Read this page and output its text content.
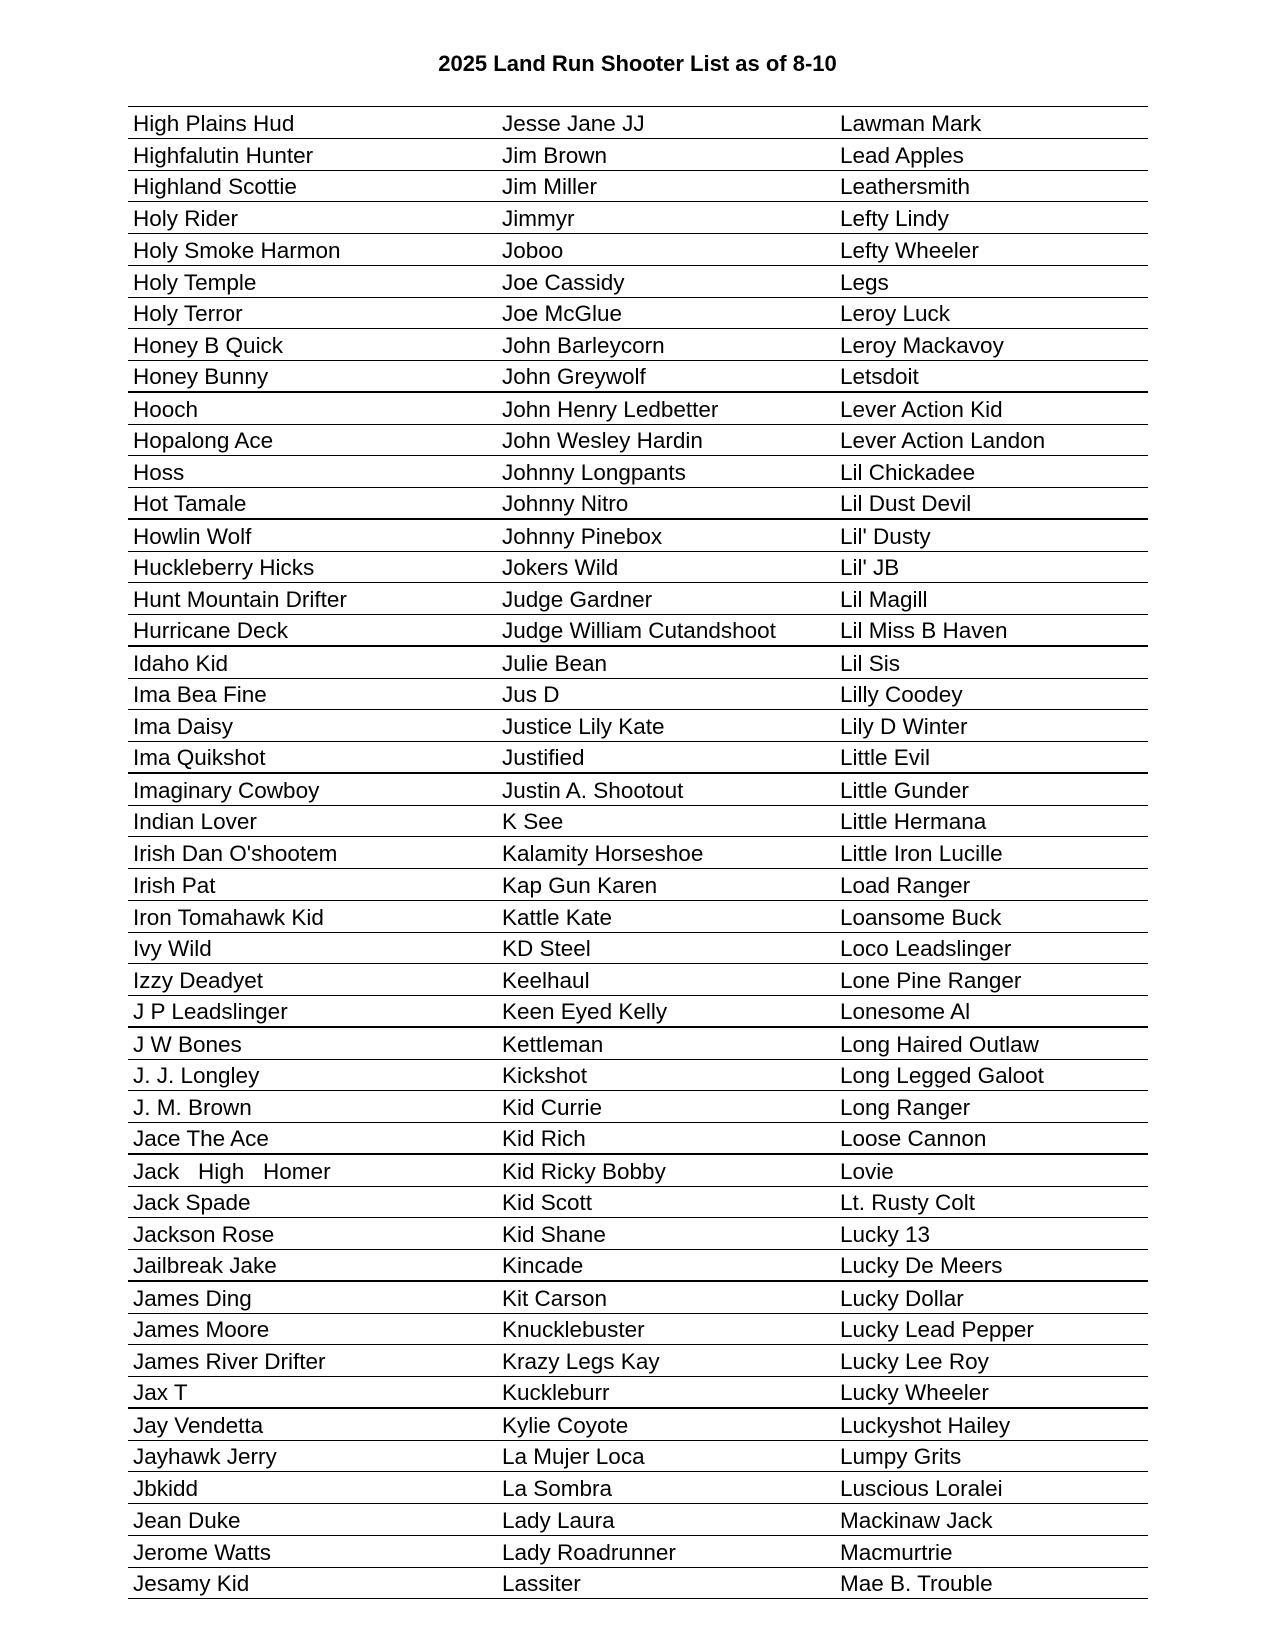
2025 Land Run Shooter List as of 8-10
High Plains Hud	Jesse Jane JJ	Lawman Mark
Highfalutin Hunter	Jim Brown	Lead Apples
Highland Scottie	Jim Miller	Leathersmith
Holy Rider	Jimmyr	Lefty Lindy
Holy Smoke Harmon	Joboo	Lefty Wheeler
Holy Temple	Joe Cassidy	Legs
Holy Terror	Joe McGlue	Leroy Luck
Honey B Quick	John Barleycorn	Leroy Mackavoy
Honey Bunny	John Greywolf	Letsdoit
Hooch	John Henry Ledbetter	Lever Action Kid
Hopalong Ace	John Wesley Hardin	Lever Action Landon
Hoss	Johnny Longpants	Lil Chickadee
Hot Tamale	Johnny Nitro	Lil Dust Devil
Howlin Wolf	Johnny Pinebox	Lil' Dusty
Huckleberry Hicks	Jokers Wild	Lil' JB
Hunt Mountain Drifter	Judge Gardner	Lil Magill
Hurricane Deck	Judge William Cutandshoot	Lil Miss B Haven
Idaho Kid	Julie Bean	Lil Sis
Ima Bea Fine	Jus D	Lilly Coodey
Ima Daisy	Justice Lily Kate	Lily D Winter
Ima Quikshot	Justified	Little Evil
Imaginary Cowboy	Justin A. Shootout	Little Gunder
Indian Lover	K See	Little Hermana
Irish Dan O'shootem	Kalamity Horseshoe	Little Iron Lucille
Irish Pat	Kap Gun Karen	Load Ranger
Iron Tomahawk Kid	Kattle Kate	Loansome Buck
Ivy Wild	KD Steel	Loco Leadslinger
Izzy Deadyet	Keelhaul	Lone Pine Ranger
J P Leadslinger	Keen Eyed Kelly	Lonesome Al
J W Bones	Kettleman	Long Haired Outlaw
J. J. Longley	Kickshot	Long Legged Galoot
J. M. Brown	Kid Currie	Long Ranger
Jace The Ace	Kid Rich	Loose Cannon
Jack   High   Homer	Kid Ricky Bobby	Lovie
Jack Spade	Kid Scott	Lt. Rusty Colt
Jackson Rose	Kid Shane	Lucky 13
Jailbreak Jake	Kincade	Lucky De Meers
James Ding	Kit Carson	Lucky Dollar
James Moore	Knucklebuster	Lucky Lead Pepper
James River Drifter	Krazy Legs Kay	Lucky Lee Roy
Jax T	Kuckleburr	Lucky Wheeler
Jay Vendetta	Kylie Coyote	Luckyshot Hailey
Jayhawk Jerry	La Mujer Loca	Lumpy Grits
Jbkidd	La Sombra	Luscious Loralei
Jean Duke	Lady Laura	Mackinaw Jack
Jerome Watts	Lady Roadrunner	Macmurtrie
Jesamy Kid	Lassiter	Mae B. Trouble
